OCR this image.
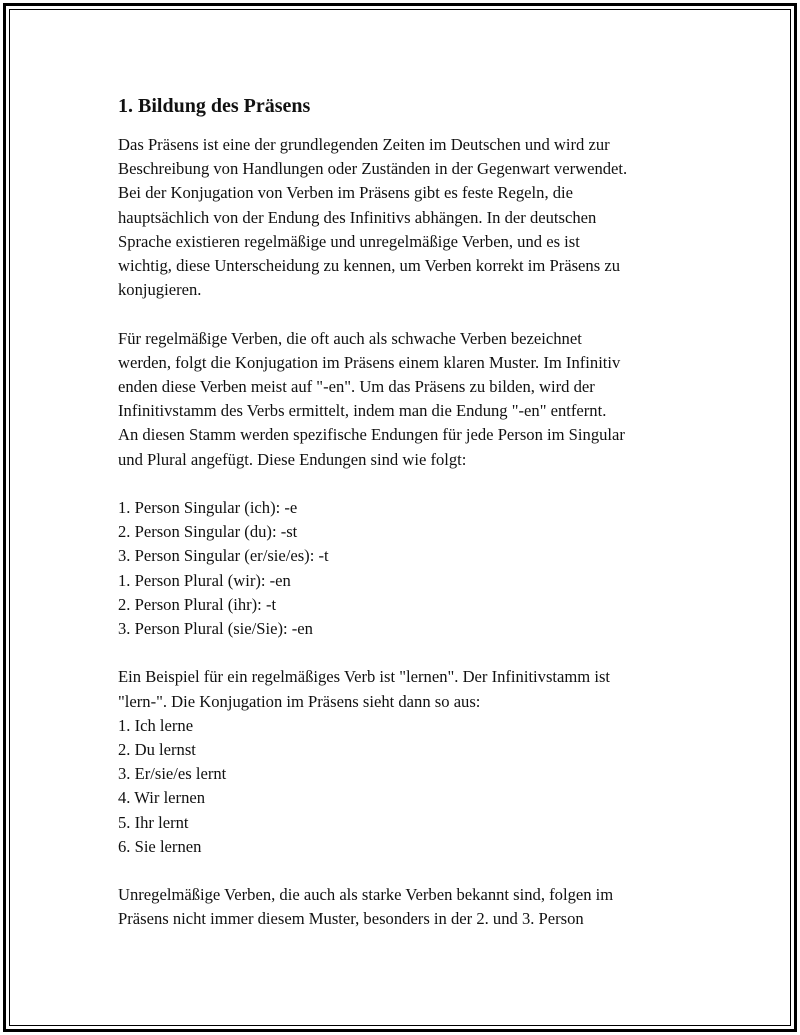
1. Bildung des Präsens
Das Präsens ist eine der grundlegenden Zeiten im Deutschen und wird zur
Beschreibung von Handlungen oder Zuständen in der Gegenwart verwendet.
Bei der Konjugation von Verben im Präsens gibt es feste Regeln, die
hauptsächlich von der Endung des Infinitivs abhängen. In der deutschen
Sprache existieren regelmäßige und unregelmäßige Verben, und es ist
wichtig, diese Unterscheidung zu kennen, um Verben korrekt im Präsens zu
konjugieren.
Für regelmäßige Verben, die oft auch als schwache Verben bezeichnet
werden, folgt die Konjugation im Präsens einem klaren Muster. Im Infinitiv
enden diese Verben meist auf "-en". Um das Präsens zu bilden, wird der
Infinitivstamm des Verbs ermittelt, indem man die Endung "-en" entfernt.
An diesen Stamm werden spezifische Endungen für jede Person im Singular
und Plural angefügt. Diese Endungen sind wie folgt:
1. Person Singular (ich): -e
2. Person Singular (du): -st
3. Person Singular (er/sie/es): -t
1. Person Plural (wir): -en
2. Person Plural (ihr): -t
3. Person Plural (sie/Sie): -en
Ein Beispiel für ein regelmäßiges Verb ist "lernen". Der Infinitivstamm ist
"lern-". Die Konjugation im Präsens sieht dann so aus:
1. Ich lerne
2. Du lernst
3. Er/sie/es lernt
4. Wir lernen
5. Ihr lernt
6. Sie lernen
Unregelmäßige Verben, die auch als starke Verben bekannt sind, folgen im
Präsens nicht immer diesem Muster, besonders in der 2. und 3. Person
